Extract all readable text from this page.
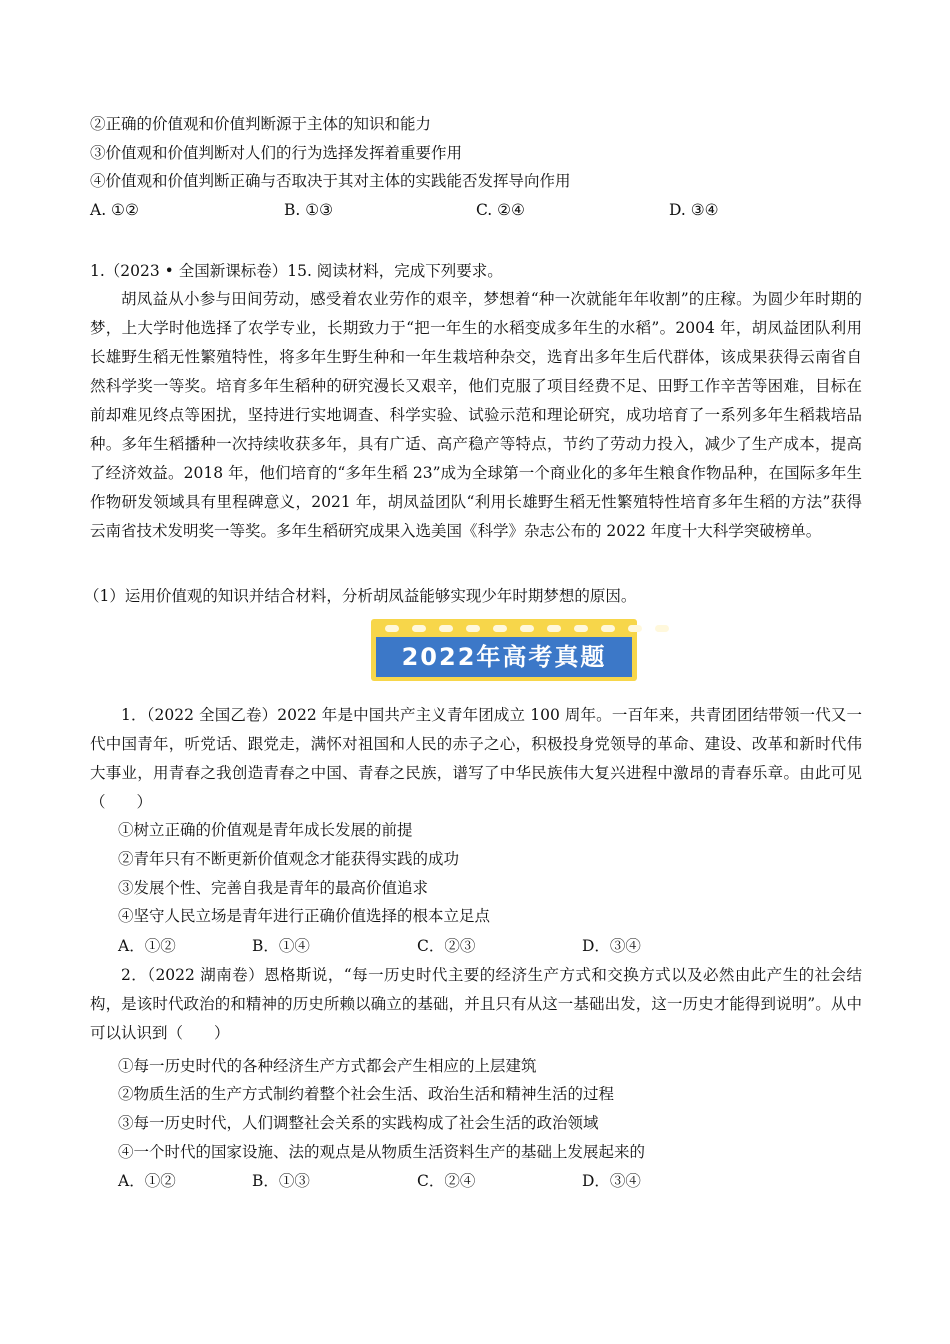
②正确的价值观和价值判断源于主体的知识和能力
③价值观和价值判断对人们的行为选择发挥着重要作用
④价值观和价值判断正确与否取决于其对主体的实践能否发挥导向作用
A. ①②	B. ①③	C. ②④	D. ③④
1.（2023 • 全国新课标卷）15. 阅读材料，完成下列要求。
胡凤益从小参与田间劳动，感受着农业劳作的艰辛，梦想着“种一次就能年年收割”的庄稼。为圆少年时期的梦，上大学时他选择了农学专业，长期致力于“把一年生的水稻变成多年生的水稻”。2004 年，胡凤益团队利用长雄野生稻无性繁殖特性，将多年生野生种和一年生栽培种杂交，选育出多年生后代群体，该成果获得云南省自然科学奖一等奖。培育多年生稻种的研究漫长又艰辛，他们克服了项目经费不足、田野工作辛苦等困难，目标在前却难见终点等困扰，坚持进行实地调查、科学实验、试验示范和理论研究，成功培育了一系列多年生稻栽培品种。多年生稻播种一次持续收获多年，具有广适、高产稳产等特点，节约了劳动力投入，减少了生产成本，提高了经济效益。2018 年，他们培育的“多年生稻 23”成为全球第一个商业化的多年生粮食作物品种，在国际多年生作物研发领域具有里程碑意义，2021 年，胡凤益团队“利用长雄野生稻无性繁殖特性培育多年生稻的方法”获得云南省技术发明奖一等奖。多年生稻研究成果入选美国《科学》杂志公布的 2022 年度十大科学突破榜单。
（1）运用价值观的知识并结合材料，分析胡凤益能够实现少年时期梦想的原因。
2022年高考真题
1．（2022 全国乙卷）2022 年是中国共产主义青年团成立 100 周年。一百年来，共青团团结带领一代又一代中国青年，听党话、跟党走，满怀对祖国和人民的赤子之心，积极投身党领导的革命、建设、改革和新时代伟大事业，用青春之我创造青春之中国、青春之民族，谱写了中华民族伟大复兴进程中激昂的青春乐章。由此可见（　　）
①树立正确的价值观是青年成长发展的前提
②青年只有不断更新价值观念才能获得实践的成功
③发展个性、完善自我是青年的最高价值追求
④坚守人民立场是青年进行正确价值选择的根本立足点
A．①②	B．①④	C．②③	D．③④
2．（2022 湖南卷）恩格斯说，“每一历史时代主要的经济生产方式和交换方式以及必然由此产生的社会结构，是该时代政治的和精神的历史所赖以确立的基础，并且只有从这一基础出发，这一历史才能得到说明”。从中可以认识到（　　）
①每一历史时代的各种经济生产方式都会产生相应的上层建筑
②物质生活的生产方式制约着整个社会生活、政治生活和精神生活的过程
③每一历史时代，人们调整社会关系的实践构成了社会生活的政治领域
④一个时代的国家设施、法的观点是从物质生活资料生产的基础上发展起来的
A．①②	B．①③	C．②④	D．③④
